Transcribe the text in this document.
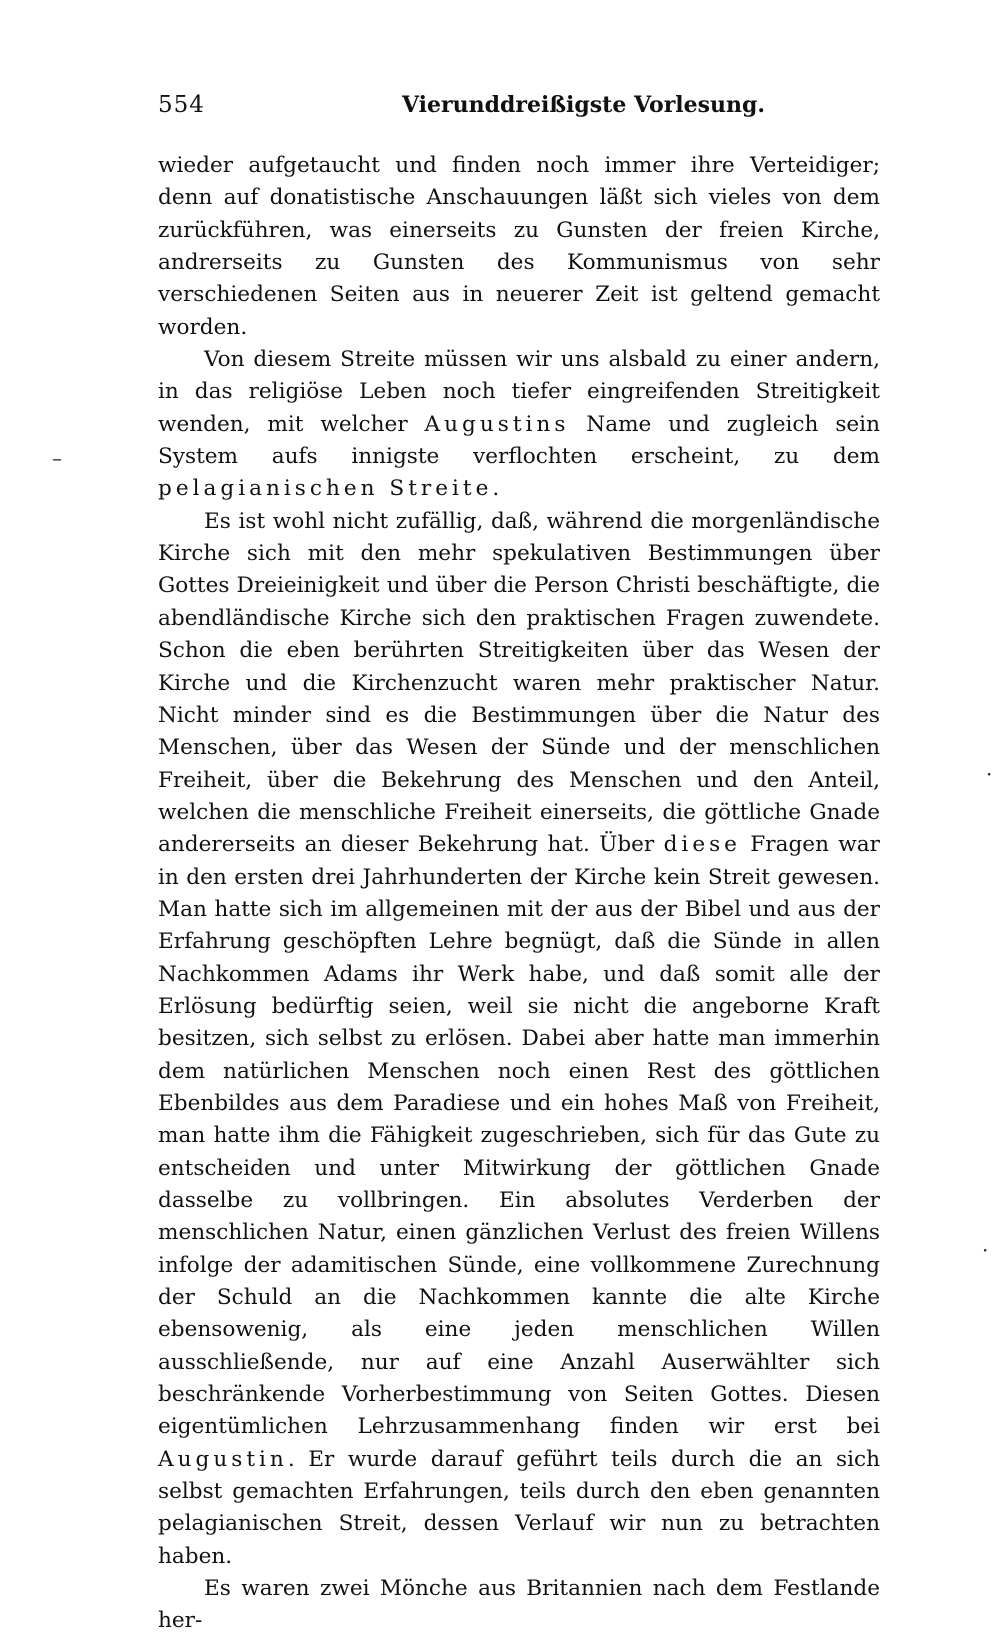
554	Vierunddreißigste Vorlesung.

wieder aufgetaucht und finden noch immer ihre Verteidiger; denn auf donatistische Anschauungen läßt sich vieles von dem zurückführen, was einerseits zu Gunsten der freien Kirche, andrerseits zu Gunsten des Kommunismus von sehr verschiedenen Seiten aus in neuerer Zeit ist geltend gemacht worden.

Von diesem Streite müssen wir uns alsbald zu einer andern, in das religiöse Leben noch tiefer eingreifenden Streitigkeit wenden, mit welcher Augustins Name und zugleich sein System aufs innigste verflochten erscheint, zu dem pelagianischen Streite.

Es ist wohl nicht zufällig, daß, während die morgenländische Kirche sich mit den mehr spekulativen Bestimmungen über Gottes Dreieinigkeit und über die Person Christi beschäftigte, die abendländische Kirche sich den praktischen Fragen zuwendete. Schon die eben berührten Streitigkeiten über das Wesen der Kirche und die Kirchenzucht waren mehr praktischer Natur. Nicht minder sind es die Bestimmungen über die Natur des Menschen, über das Wesen der Sünde und der menschlichen Freiheit, über die Bekehrung des Menschen und den Anteil, welchen die menschliche Freiheit einerseits, die göttliche Gnade andererseits an dieser Bekehrung hat. Über diese Fragen war in den ersten drei Jahrhunderten der Kirche kein Streit gewesen. Man hatte sich im allgemeinen mit der aus der Bibel und aus der Erfahrung geschöpften Lehre begnügt, daß die Sünde in allen Nachkommen Adams ihr Werk habe, und daß somit alle der Erlösung bedürftig seien, weil sie nicht die angeborne Kraft besitzen, sich selbst zu erlösen. Dabei aber hatte man immerhin dem natürlichen Menschen noch einen Rest des göttlichen Ebenbildes aus dem Paradiese und ein hohes Maß von Freiheit, man hatte ihm die Fähigkeit zugeschrieben, sich für das Gute zu entscheiden und unter Mitwirkung der göttlichen Gnade dasselbe zu vollbringen. Ein absolutes Verderben der menschlichen Natur, einen gänzlichen Verlust des freien Willens infolge der adamitischen Sünde, eine vollkommene Zurechnung der Schuld an die Nachkommen kannte die alte Kirche ebensowenig, als eine jeden menschlichen Willen ausschließende, nur auf eine Anzahl Auserwählter sich beschränkende Vorherbestimmung von Seiten Gottes. Diesen eigentümlichen Lehrzusammenhang finden wir erst bei Augustin. Er wurde darauf geführt teils durch die an sich selbst gemachten Erfahrungen, teils durch den eben genannten pelagianischen Streit, dessen Verlauf wir nun zu betrachten haben.

Es waren zwei Mönche aus Britannien nach dem Festlande her-

–
·
·
